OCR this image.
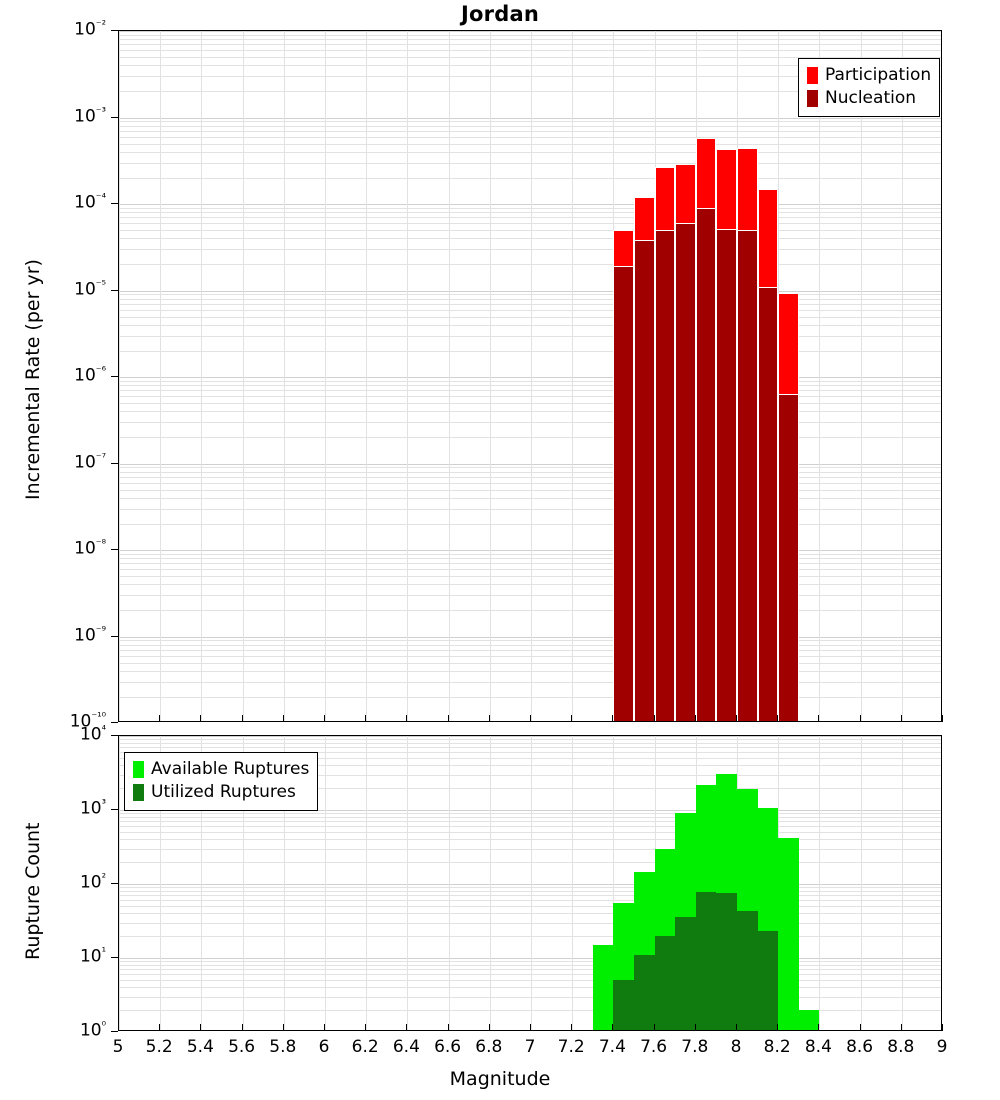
Jordan
$10^{^{-10}}$
$10^{^{-9}}$
$10^{^{-8}}$
$10^{^{-7}}$
$10^{^{-6}}$
$10^{^{-5}}$
$10^{^{-4}}$
$10^{^{-3}}$
$10^{^{-2}}$
Incremental Rate (per yr)
Participation
Nucleation
$10^{^0}$
$10^{^1}$
$10^{^2}$
$10^{^3}$
$10^{^4}$
Rupture Count
Available Ruptures
Utilized Ruptures
5	5.2 5.4 5.6 5.8	6	6.2 6.4 6.6 6.8	7	7.2 7.4 7.6 7.8	8	8.2 8.4 8.6 8.8	9
Magnitude
